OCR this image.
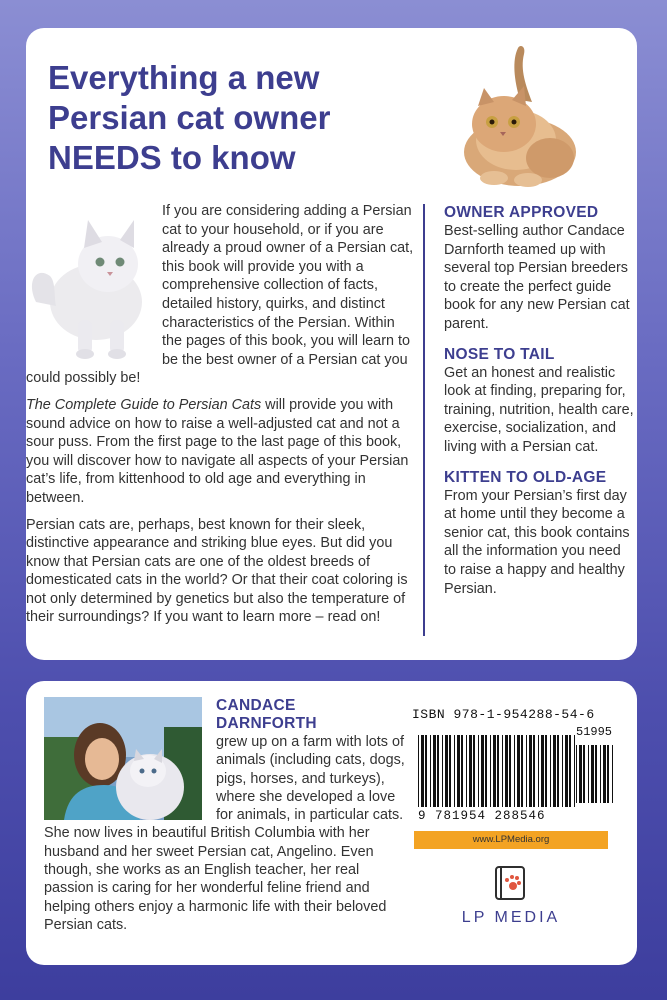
Everything a new Persian cat owner NEEDS to know

If you are considering adding a Persian cat to your household, or if you are already a proud owner of a Persian cat, this book will provide you with a comprehensive collection of facts, detailed history, quirks, and distinct characteristics of the Persian. Within the pages of this book, you will learn to be the best owner of a Persian cat you could possibly be!

The Complete Guide to Persian Cats will provide you with sound advice on how to raise a well-adjusted cat and not a sour puss. From the first page to the last page of this book, you will discover how to navigate all aspects of your Persian cat’s life, from kittenhood to old age and everything in between.

Persian cats are, perhaps, best known for their sleek, distinctive appearance and striking blue eyes. But did you know that Persian cats are one of the oldest breeds of domesticated cats in the world? Or that their coat coloring is not only determined by genetics but also the temperature of their surroundings? If you want to learn more – read on!

OWNER APPROVED

Best-selling author Candace Darnforth teamed up with several top Persian breeders to create the perfect guide book for any new Persian cat parent.

NOSE TO TAIL

Get an honest and realistic look at finding, preparing for, training, nutrition, health care, exercise, socialization, and living with a Persian cat.

KITTEN TO OLD-AGE

From your Persian’s first day at home until they become a senior cat, this book contains all the information you need to raise a happy and healthy Persian.

CANDACE
DARNFORTH

grew up on a farm with lots of animals (including cats, dogs, pigs, horses, and turkeys), where she developed a love for animals, in particular cats. She now lives in beautiful British Columbia with her husband and her sweet Persian cat, Angelino. Even though, she works as an English teacher, her real passion is caring for her wonderful feline friend and helping others enjoy a harmonic life with their beloved Persian cats.

ISBN 978-1-954288-54-6
51995
9 781954 288546
www.LPMedia.org
LP MEDIA
